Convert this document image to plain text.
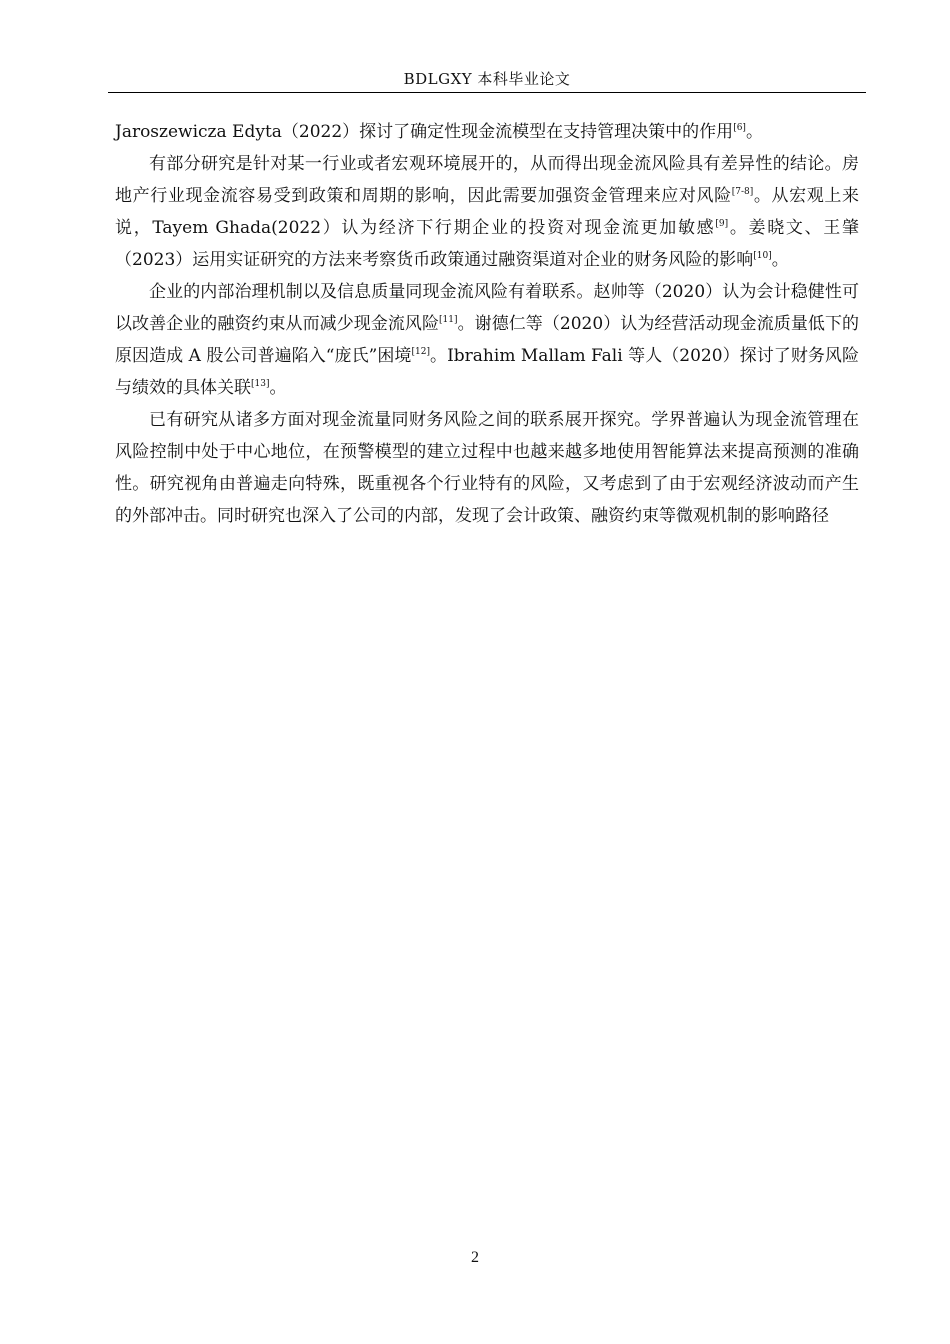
BDLGXY 本科毕业论文

Jaroszewicza Edyta（2022）探讨了确定性现金流模型在支持管理决策中的作用[6]。

有部分研究是针对某一行业或者宏观环境展开的，从而得出现金流风险具有差异性的结论。房地产行业现金流容易受到政策和周期的影响，因此需要加强资金管理来应对风险[7-8]。从宏观上来说，Tayem Ghada(2022）认为经济下行期企业的投资对现金流更加敏感[9]。姜晓文、王肇（2023）运用实证研究的方法来考察货币政策通过融资渠道对企业的财务风险的影响[10]。

企业的内部治理机制以及信息质量同现金流风险有着联系。赵帅等（2020）认为会计稳健性可以改善企业的融资约束从而减少现金流风险[11]。谢德仁等（2020）认为经营活动现金流质量低下的原因造成 A 股公司普遍陷入“庞氏”困境[12]。Ibrahim Mallam Fali 等人（2020）探讨了财务风险与绩效的具体关联[13]。

已有研究从诸多方面对现金流量同财务风险之间的联系展开探究。学界普遍认为现金流管理在风险控制中处于中心地位，在预警模型的建立过程中也越来越多地使用智能算法来提高预测的准确性。研究视角由普遍走向特殊，既重视各个行业特有的风险，又考虑到了由于宏观经济波动而产生的外部冲击。同时研究也深入了公司的内部，发现了会计政策、融资约束等微观机制的影响路径

2
